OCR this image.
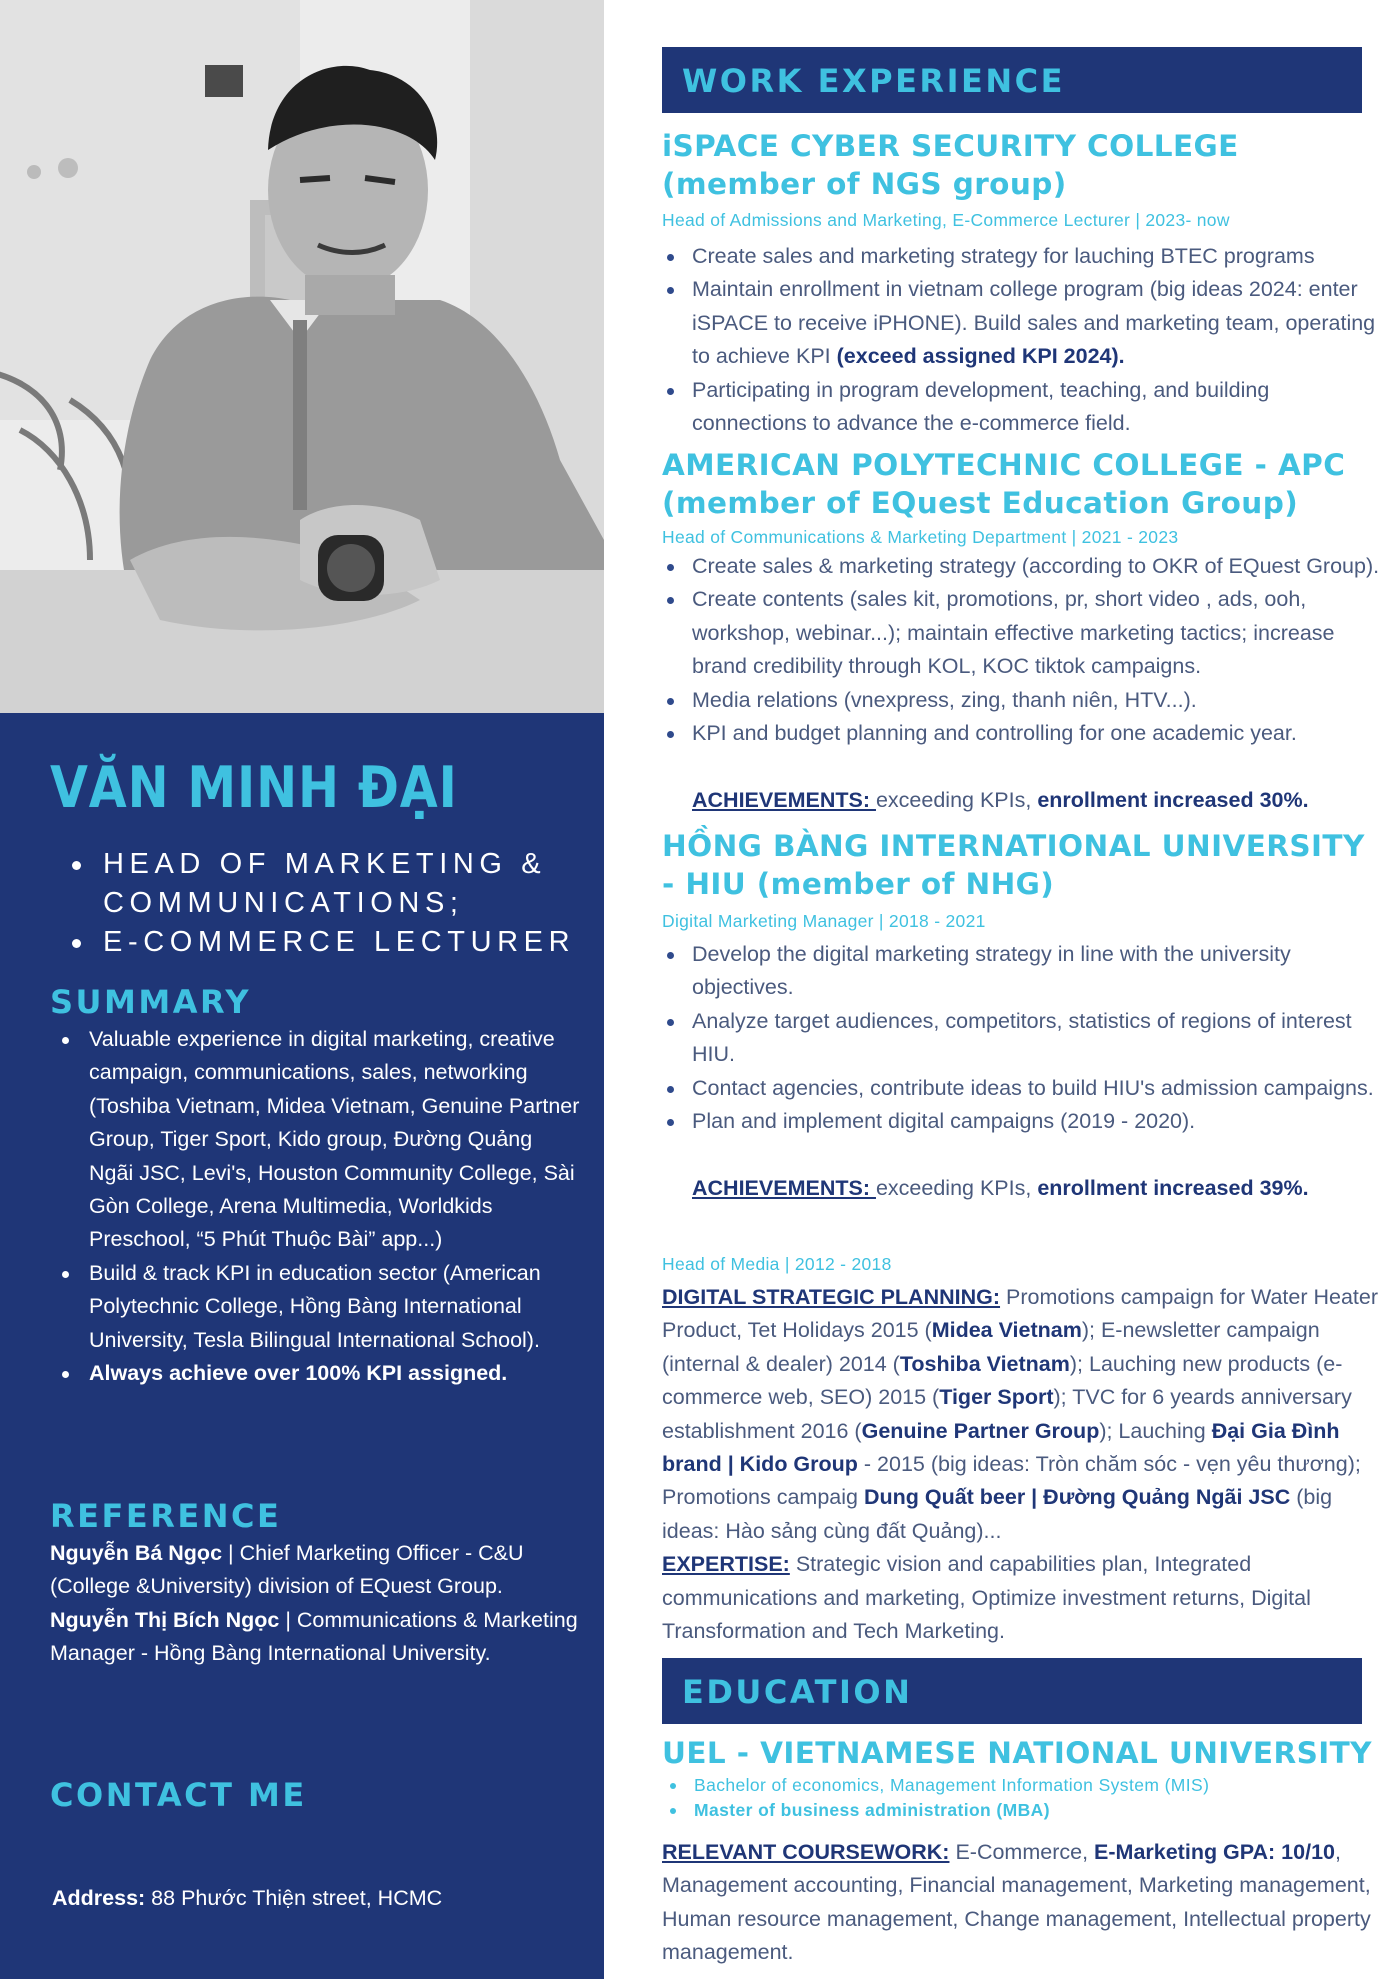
VĂN MINH ĐẠI
HEAD OF MARKETING & COMMUNICATIONS;
E-COMMERCE LECTURER
SUMMARY
Valuable experience in digital marketing, creative campaign, communications, sales, networking (Toshiba Vietnam, Midea Vietnam, Genuine Partner Group, Tiger Sport, Kido group, Đường Quảng Ngãi JSC, Levi's, Houston Community College, Sài Gòn College, Arena Multimedia, Worldkids Preschool, “5 Phút Thuộc Bài” app...)
Build & track KPI in education sector (American Polytechnic College, Hồng Bàng International University, Tesla Bilingual International School).
Always achieve over 100% KPI assigned.
REFERENCE
Nguyễn Bá Ngọc | Chief Marketing Officer - C&U (College &University) division of EQuest Group.
Nguyễn Thị Bích Ngọc | Communications & Marketing Manager - Hồng Bàng International University.
CONTACT ME

Address: 88 Phước Thiện street, HCMC

WORK EXPERIENCE
iSPACE CYBER SECURITY COLLEGE (member of NGS group)

Head of Admissions and Marketing, E-Commerce Lecturer | 2023- now

Create sales and marketing strategy for lauching BTEC programs
Maintain enrollment in vietnam college program (big ideas 2024: enter iSPACE to receive iPHONE). Build sales and marketing team, operating to achieve KPI (exceed assigned KPI 2024).
Participating in program development, teaching, and building connections to advance the e-commerce field.
AMERICAN POLYTECHNIC COLLEGE - APC (member of EQuest Education Group)

Head of Communications & Marketing Department | 2021 - 2023

Create sales & marketing strategy (according to OKR of EQuest Group).
Create contents (sales kit, promotions, pr, short video , ads, ooh, workshop, webinar...); maintain effective marketing tactics; increase brand credibility through KOL, KOC tiktok campaigns.
Media relations (vnexpress, zing, thanh niên, HTV...).
KPI and budget planning and controlling for one academic year.
ACHIEVEMENTS: exceeding KPIs, enrollment increased 30%.
HỒNG BÀNG INTERNATIONAL UNIVERSITY - HIU (member of NHG)

Digital Marketing Manager | 2018 - 2021

Develop the digital marketing strategy in line with the university objectives.
Analyze target audiences, competitors, statistics of regions of interest HIU.
Contact agencies, contribute ideas to build HIU's admission campaigns.
Plan and implement digital campaigns (2019 - 2020).
ACHIEVEMENTS: exceeding KPIs, enrollment increased 39%.

Head of Media | 2012 - 2018

DIGITAL STRATEGIC PLANNING: Promotions campaign for Water Heater Product, Tet Holidays 2015 (Midea Vietnam); E-newsletter campaign (internal & dealer) 2014 (Toshiba Vietnam); Lauching new products (e-commerce web, SEO) 2015 (Tiger Sport); TVC for 6 yeards anniversary establishment 2016 (Genuine Partner Group); Lauching Đại Gia Đình brand | Kido Group - 2015 (big ideas: Tròn chăm sóc - vẹn yêu thương); Promotions campaig Dung Quất beer | Đường Quảng Ngãi JSC (big ideas: Hào sảng cùng đất Quảng)...
EXPERTISE: Strategic vision and capabilities plan, Integrated communications and marketing, Optimize investment returns, Digital Transformation and Tech Marketing.

EDUCATION
UEL - VIETNAMESE NATIONAL UNIVERSITY
Bachelor of economics, Management Information System (MIS)
Master of business administration (MBA)

RELEVANT COURSEWORK: E-Commerce, E-Marketing GPA: 10/10, Management accounting, Financial management, Marketing management, Human resource management, Change management, Intellectual property management.
